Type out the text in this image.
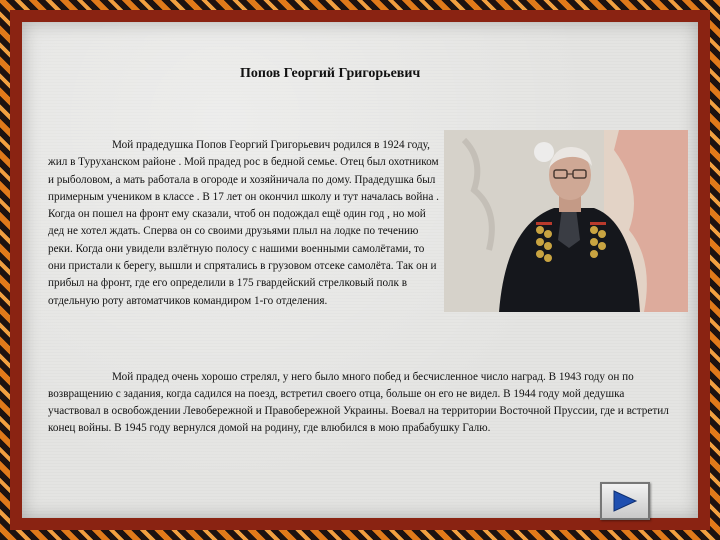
Попов Георгий Григорьевич
Мой прадедушка Попов Георгий Григорьевич родился в 1924 году, жил в Туруханском районе . Мой прадед рос в бедной семье. Отец был охотником и рыболовом, а мать работала в огороде и хозяйничала по дому. Прадедушка был примерным учеником в классе . В 17 лет он окончил школу и тут началась война . Когда он пошел на фронт ему сказали, чтоб он подождал ещё один год , но мой дед не хотел ждать. Сперва он со своими друзьями плыл на лодке по течению реки. Когда они увидели взлётную полосу с нашими военными самолётами, то они пристали к берегу, вышли и спрятались в грузовом отсеке самолёта. Так он и прибыл на фронт, где его определили в 175 гвардейский стрелковый полк в отдельную роту автоматчиков командиром 1-го отделения.
Мой прадед очень хорошо стрелял, у него было много побед и бесчисленное число наград. В 1943 году он по возвращению с задания, когда садился на поезд, встретил своего отца, больше он его не видел. В 1944 году мой дедушка участвовал в освобождении Левобережной и Правобережной Украины. Воевал на территории Восточной Пруссии, где и встретил конец войны. В 1945 году вернулся домой на родину, где влюбился в мою прабабушку Галю.
